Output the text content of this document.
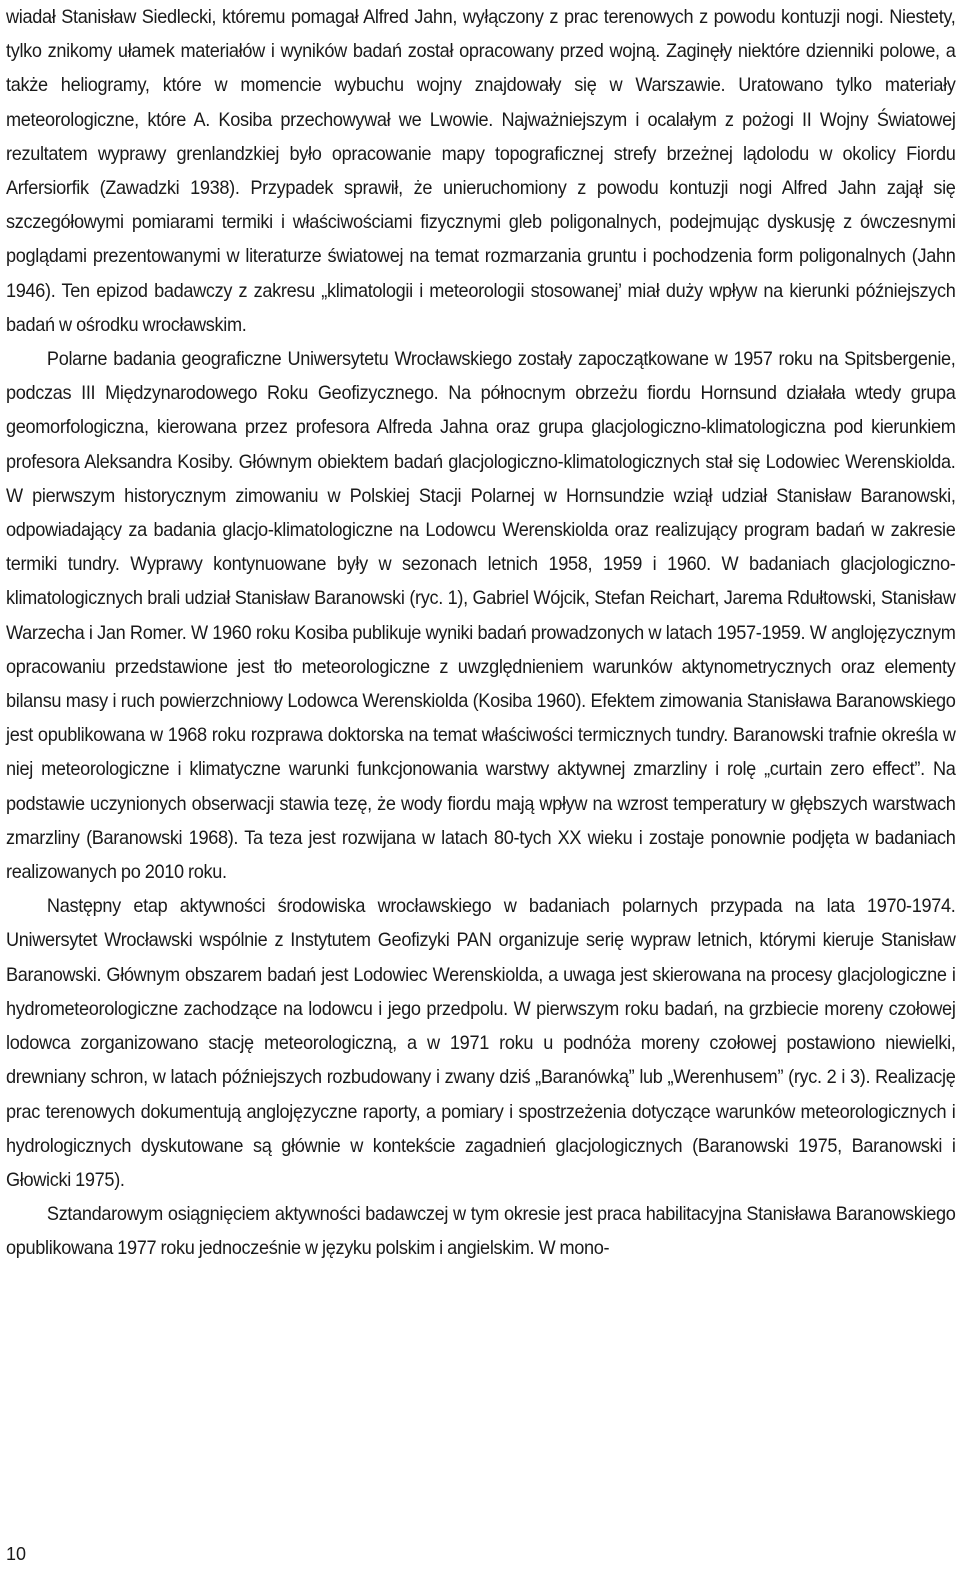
wiadał Stanisław Siedlecki, któremu pomagał Alfred Jahn, wyłączony z prac terenowych z powodu kontuzji nogi. Niestety, tylko znikomy ułamek materiałów i wyników badań został opracowany przed wojną. Zaginęły niektóre dzienniki polowe, a także heliogramy, które w momencie wybuchu wojny znajdowały się w Warszawie. Uratowano tylko materiały meteorologiczne, które A. Kosiba przechowywał we Lwowie. Najważniejszym i ocalałym z pożogi II Wojny Światowej rezultatem wyprawy grenlandzkiej było opracowanie mapy topograficznej strefy brzeżnej lądolodu w okolicy Fiordu Arfersiorfik (Zawadzki 1938). Przypadek sprawił, że unieruchomiony z powodu kontuzji nogi Alfred Jahn zajął się szczegółowymi pomiarami termiki i właściwościami fizycznymi gleb poligonalnych, podejmując dyskusję z ówczesnymi poglądami prezentowanymi w literaturze światowej na temat rozmarzania gruntu i pochodzenia form poligonalnych (Jahn 1946). Ten epizod badawczy z zakresu „klimatologii i meteorologii stosowanej’ miał duży wpływ na kierunki późniejszych badań w ośrodku wrocławskim.

Polarne badania geograficzne Uniwersytetu Wrocławskiego zostały zapoczątkowane w 1957 roku na Spitsbergenie, podczas III Międzynarodowego Roku Geofizycznego. Na północnym obrzeżu fiordu Hornsund działała wtedy grupa geomorfologiczna, kierowana przez profesora Alfreda Jahna oraz grupa glacjologiczno-klimatologiczna pod kierunkiem profesora Aleksandra Kosiby. Głównym obiektem badań glacjologiczno-klimatologicznych stał się Lodowiec Werenskiolda. W pierwszym historycznym zimowaniu w Polskiej Stacji Polarnej w Hornsundzie wziął udział Stanisław Baranowski, odpowiadający za badania glacjo-klimatologiczne na Lodowcu Werenskiolda oraz realizujący program badań w zakresie termiki tundry. Wyprawy kontynuowane były w sezonach letnich 1958, 1959 i 1960. W badaniach glacjologiczno-klimatologicznych brali udział Stanisław Baranowski (ryc. 1), Gabriel Wójcik, Stefan Reichart, Jarema Rdułtowski, Stanisław Warzecha i Jan Romer. W 1960 roku Kosiba publikuje wyniki badań prowadzonych w latach 1957-1959. W anglojęzycznym opracowaniu przedstawione jest tło meteorologiczne z uwzględnieniem warunków aktynometrycznych oraz elementy bilansu masy i ruch powierzchniowy Lodowca Werenskiolda (Kosiba 1960). Efektem zimowania Stanisława Baranowskiego jest opublikowana w 1968 roku rozprawa doktorska na temat właściwości termicznych tundry. Baranowski trafnie określa w niej meteorologiczne i klimatyczne warunki funkcjonowania warstwy aktywnej zmarzliny i rolę „curtain zero effect”. Na podstawie uczynionych obserwacji stawia tezę, że wody fiordu mają wpływ na wzrost temperatury w głębszych warstwach zmarzliny (Baranowski 1968). Ta teza jest rozwijana w latach 80-tych XX wieku i zostaje ponownie podjęta w badaniach realizowanych po 2010 roku.

Następny etap aktywności środowiska wrocławskiego w badaniach polarnych przypada na lata 1970-1974. Uniwersytet Wrocławski wspólnie z Instytutem Geofizyki PAN organizuje serię wypraw letnich, którymi kieruje Stanisław Baranowski. Głównym obszarem badań jest Lodowiec Werenskiolda, a uwaga jest skierowana na procesy glacjologiczne i hydrometeorologiczne zachodzące na lodowcu i jego przedpolu. W pierwszym roku badań, na grzbiecie moreny czołowej lodowca zorganizowano stację meteorologiczną, a w 1971 roku u podnóża moreny czołowej postawiono niewielki, drewniany schron, w latach późniejszych rozbudowany i zwany dziś „Baranówką” lub „Werenhusem” (ryc. 2 i 3). Realizację prac terenowych dokumentują anglojęzyczne raporty, a pomiary i spostrzeżenia dotyczące warunków meteorologicznych i hydrologicznych dyskutowane są głównie w kontekście zagadnień glacjologicznych (Baranowski 1975, Baranowski i Głowicki 1975).

Sztandarowym osiągnięciem aktywności badawczej w tym okresie jest praca habilitacyjna Stanisława Baranowskiego opublikowana 1977 roku jednocześnie w języku polskim i angielskim. W mono-

10
